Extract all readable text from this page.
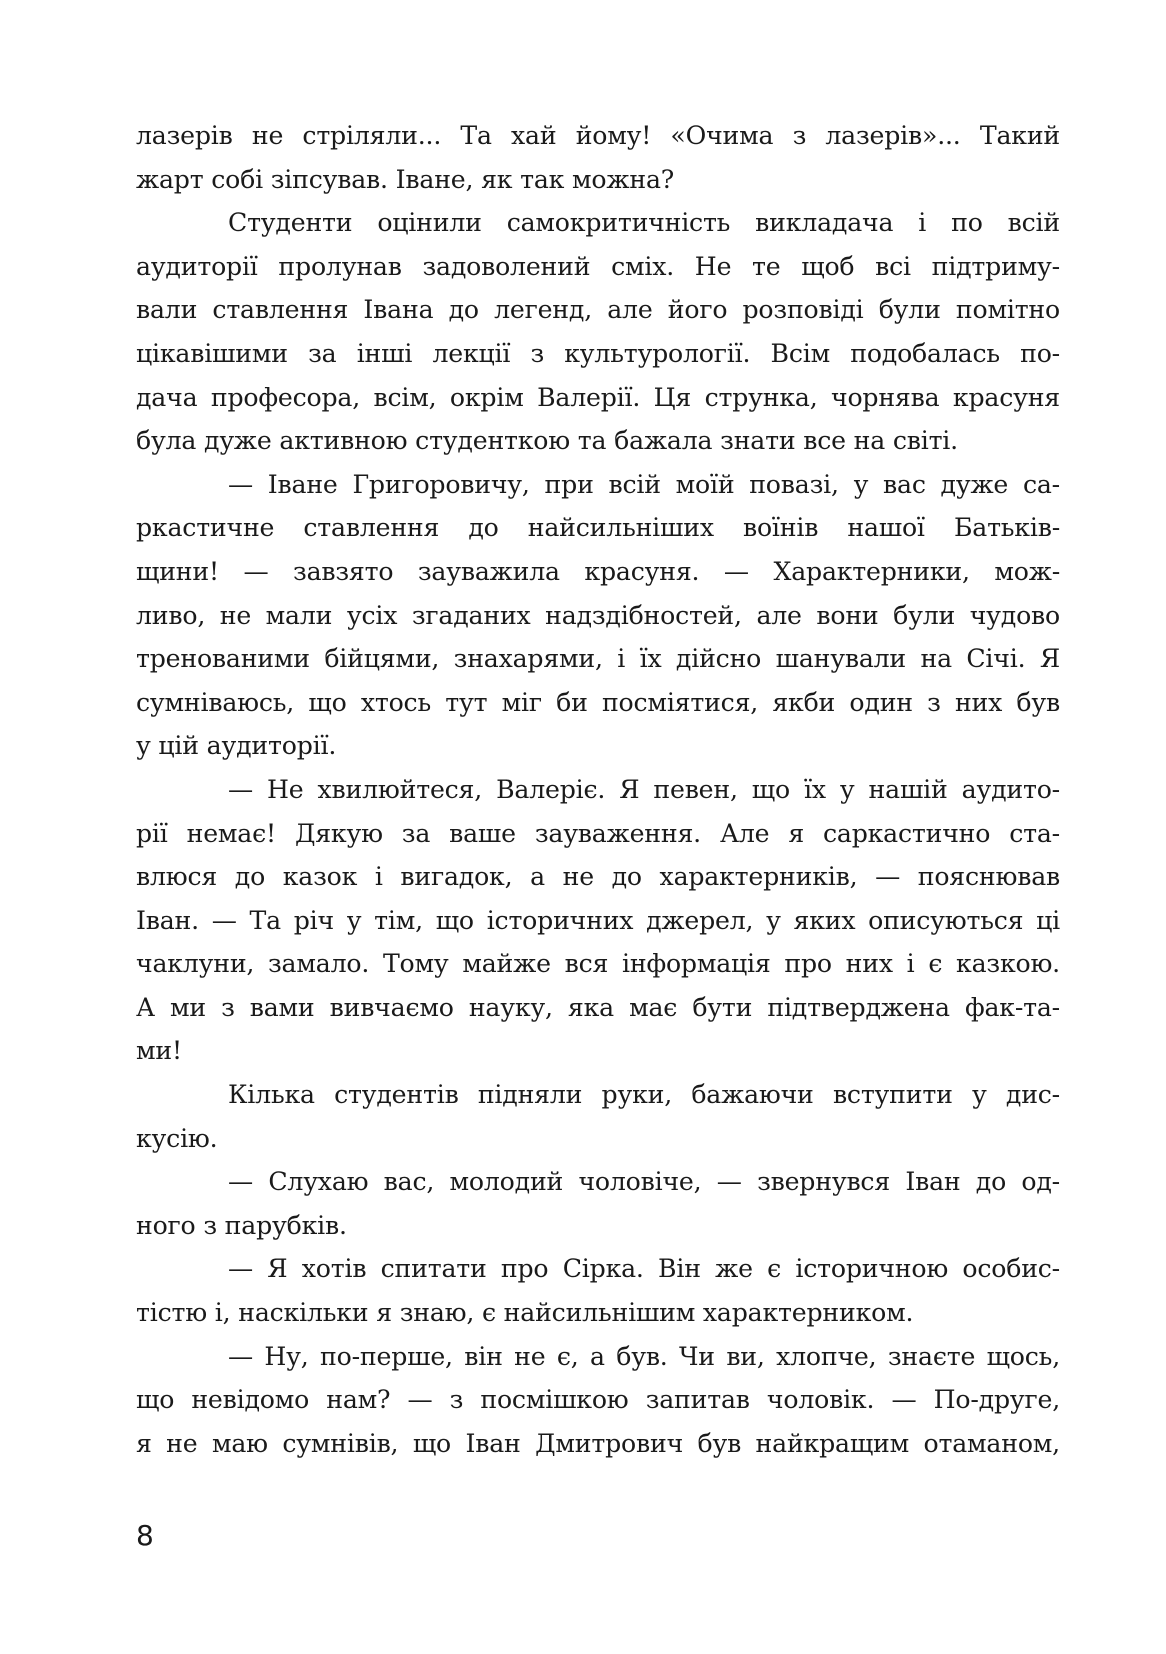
лазерів не стріляли... Та хай йому! «Очима з лазерів»... Такий
жарт собі зіпсував. Іване, як так можна?
Студенти оцінили самокритичність викладача і по всій
аудиторії пролунав задоволений сміх. Не те щоб всі підтриму-
вали ставлення Івана до легенд, але його розповіді були помітно
цікавішими за інші лекції з культурології. Всім подобалась по-
дача професора, всім, окрім Валерії. Ця струнка, чорнява красуня
була дуже активною студенткою та бажала знати все на світі.
— Іване Григоровичу, при всій моїй повазі, у вас дуже са-
ркастичне ставлення до найсильніших воїнів нашої Батьків-
щини! — завзято зауважила красуня. — Характерники, мож-
ливо, не мали усіх згаданих надздібностей, але вони були чудово
тренованими бійцями, знахарями, і їх дійсно шанували на Січі. Я
сумніваюсь, що хтось тут міг би посміятися, якби один з них був
у цій аудиторії.
— Не хвилюйтеся, Валеріє. Я певен, що їх у нашій аудито-
рії немає! Дякую за ваше зауваження. Але я саркастично ста-
влюся до казок і вигадок, а не до характерників, — пояснював
Іван. — Та річ у тім, що історичних джерел, у яких описуються ці
чаклуни, замало. Тому майже вся інформація про них і є казкою.
А ми з вами вивчаємо науку, яка має бути підтверджена фак-та-
ми!
Кілька студентів підняли руки, бажаючи вступити у дис-
кусію.
— Слухаю вас, молодий чоловіче, — звернувся Іван до од-
ного з парубків.
— Я хотів спитати про Сірка. Він же є історичною особис-
тістю і, наскільки я знаю, є найсильнішим характерником.
— Ну, по-перше, він не є, а був. Чи ви, хлопче, знаєте щось,
що невідомо нам? — з посмішкою запитав чоловік. — По-друге,
я не маю сумнівів, що Іван Дмитрович був найкращим отаманом,
8
